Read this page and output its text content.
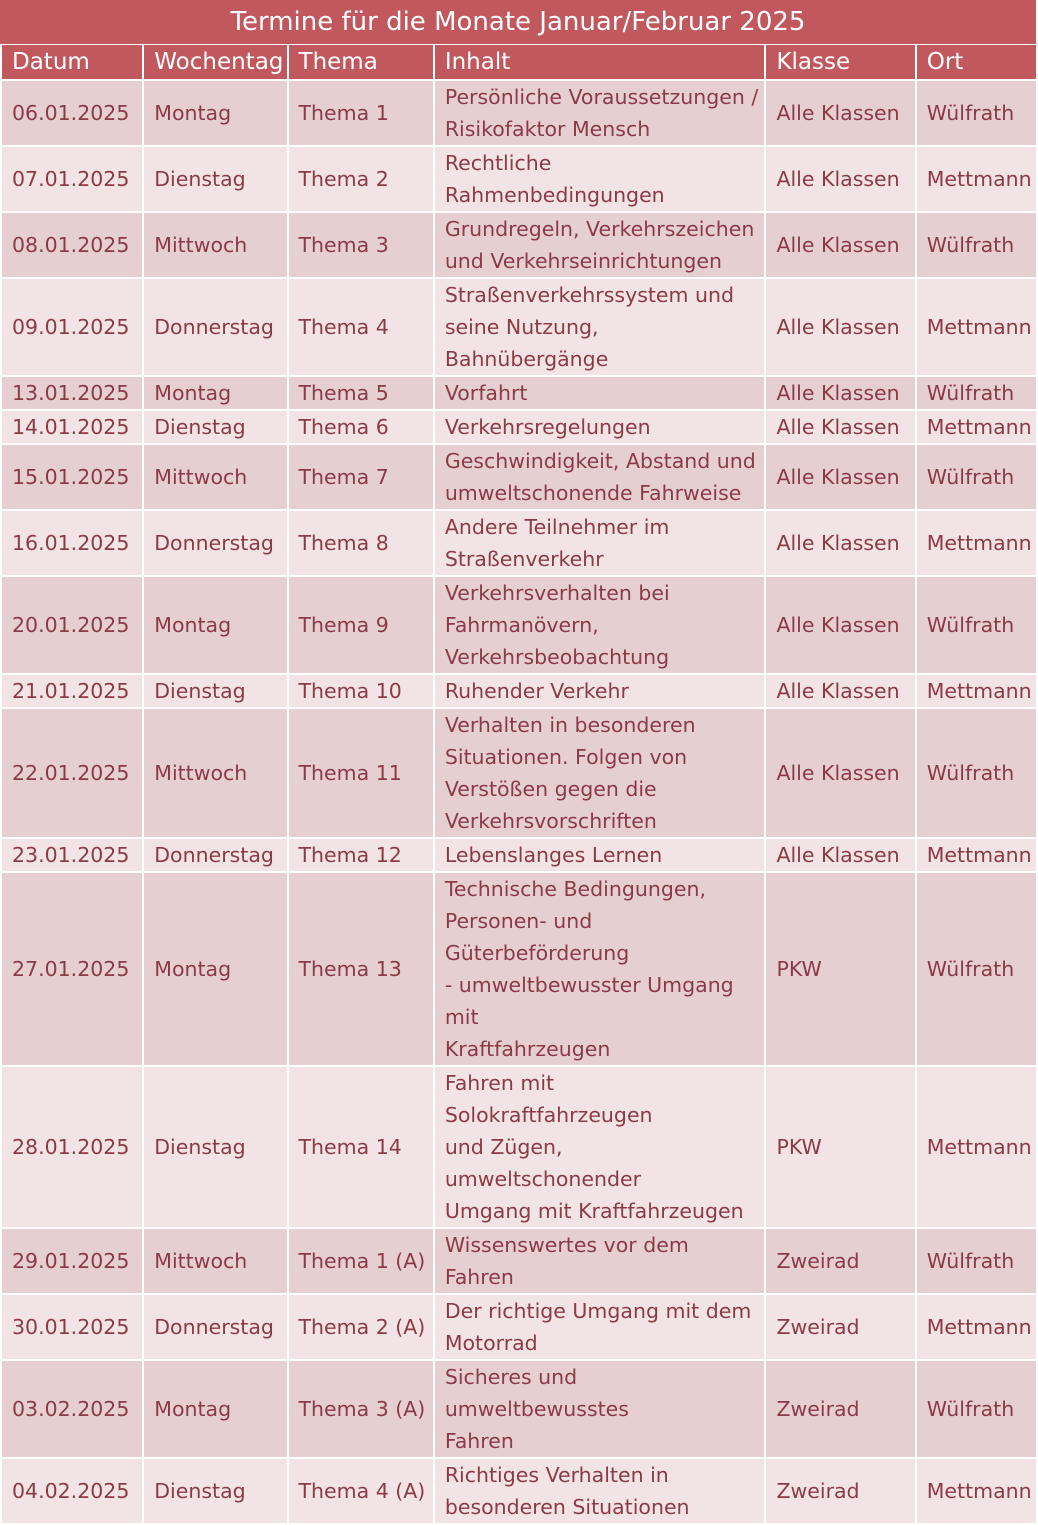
Termine für die Monate Januar/Februar 2025
Datum	Wochentag	Thema	Inhalt	Klasse	Ort
06.01.2025	Montag	Thema 1	Persönliche Voraussetzungen /
Risikofaktor Mensch	Alle Klassen	Wülfrath
07.01.2025	Dienstag	Thema 2	Rechtliche Rahmenbedingungen	Alle Klassen	Mettmann
08.01.2025	Mittwoch	Thema 3	Grundregeln, Verkehrszeichen
und Verkehrseinrichtungen	Alle Klassen	Wülfrath
09.01.2025	Donnerstag	Thema 4	Straßenverkehrssystem und
seine Nutzung, Bahnübergänge	Alle Klassen	Mettmann
13.01.2025	Montag	Thema 5	Vorfahrt	Alle Klassen	Wülfrath
14.01.2025	Dienstag	Thema 6	Verkehrsregelungen	Alle Klassen	Mettmann
15.01.2025	Mittwoch	Thema 7	Geschwindigkeit, Abstand und
umweltschonende Fahrweise	Alle Klassen	Wülfrath
16.01.2025	Donnerstag	Thema 8	Andere Teilnehmer im
Straßenverkehr	Alle Klassen	Mettmann
20.01.2025	Montag	Thema 9	Verkehrsverhalten bei
Fahrmanövern,
Verkehrsbeobachtung	Alle Klassen	Wülfrath
21.01.2025	Dienstag	Thema 10	Ruhender Verkehr	Alle Klassen	Mettmann
22.01.2025	Mittwoch	Thema 11	Verhalten in besonderen
Situationen. Folgen von
Verstößen gegen die
Verkehrsvorschriften	Alle Klassen	Wülfrath
23.01.2025	Donnerstag	Thema 12	Lebenslanges Lernen	Alle Klassen	Mettmann
27.01.2025	Montag	Thema 13	Technische Bedingungen,
Personen- und Güterbeförderung
- umweltbewusster Umgang mit
Kraftfahrzeugen	PKW	Wülfrath
28.01.2025	Dienstag	Thema 14	Fahren mit Solokraftfahrzeugen
und Zügen, umweltschonender
Umgang mit Kraftfahrzeugen	PKW	Mettmann
29.01.2025	Mittwoch	Thema 1 (A)	Wissenswertes vor dem Fahren	Zweirad	Wülfrath
30.01.2025	Donnerstag	Thema 2 (A)	Der richtige Umgang mit dem
Motorrad	Zweirad	Mettmann
03.02.2025	Montag	Thema 3 (A)	Sicheres und umweltbewusstes
Fahren	Zweirad	Wülfrath
04.02.2025	Dienstag	Thema 4 (A)	Richtiges Verhalten in
besonderen Situationen	Zweirad	Mettmann
